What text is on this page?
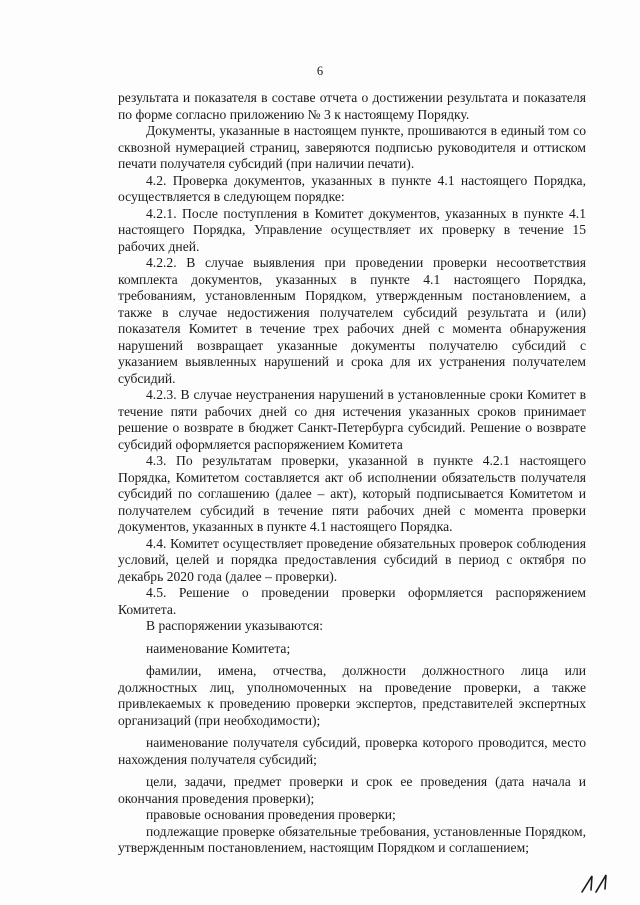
6

результата и показателя в составе отчета о достижении результата и показателя по форме согласно приложению № 3 к настоящему Порядку.

Документы, указанные в настоящем пункте, прошиваются в единый том со сквозной нумерацией страниц, заверяются подписью руководителя и оттиском печати получателя субсидий (при наличии печати).

4.2. Проверка документов, указанных в пункте 4.1 настоящего Порядка, осуществляется в следующем порядке:

4.2.1. После поступления в Комитет документов, указанных в пункте 4.1 настоящего Порядка, Управление осуществляет их проверку в течение 15 рабочих дней.

4.2.2. В случае выявления при проведении проверки несоответствия комплекта документов, указанных в пункте 4.1 настоящего Порядка, требованиям, установленным Порядком, утвержденным постановлением, а также в случае недостижения получателем субсидий результата и (или) показателя Комитет в течение трех рабочих дней с момента обнаружения нарушений возвращает указанные документы получателю субсидий с указанием выявленных нарушений и срока для их устранения получателем субсидий.

4.2.3. В случае неустранения нарушений в установленные сроки Комитет в течение пяти рабочих дней со дня истечения указанных сроков принимает решение о возврате в бюджет Санкт-Петербурга субсидий. Решение о возврате субсидий оформляется распоряжением Комитета

4.3. По результатам проверки, указанной в пункте 4.2.1 настоящего Порядка, Комитетом составляется акт об исполнении обязательств получателя субсидий по соглашению (далее – акт), который подписывается Комитетом и получателем субсидий в течение пяти рабочих дней с момента проверки документов, указанных в пункте 4.1 настоящего Порядка.

4.4. Комитет осуществляет проведение обязательных проверок соблюдения условий, целей и порядка предоставления субсидий в период с октября по декабрь 2020 года (далее – проверки).

4.5. Решение о проведении проверки оформляется распоряжением Комитета.

В распоряжении указываются:

наименование Комитета;

фамилии, имена, отчества, должности должностного лица или должностных лиц, уполномоченных на проведение проверки, а также привлекаемых к проведению проверки экспертов, представителей экспертных организаций (при необходимости);

наименование получателя субсидий, проверка которого проводится, место нахождения получателя субсидий;

цели, задачи, предмет проверки и срок ее проведения (дата начала и окончания проведения проверки);

правовые основания проведения проверки;

подлежащие проверке обязательные требования, установленные Порядком, утвержденным постановлением, настоящим Порядком и соглашением;
